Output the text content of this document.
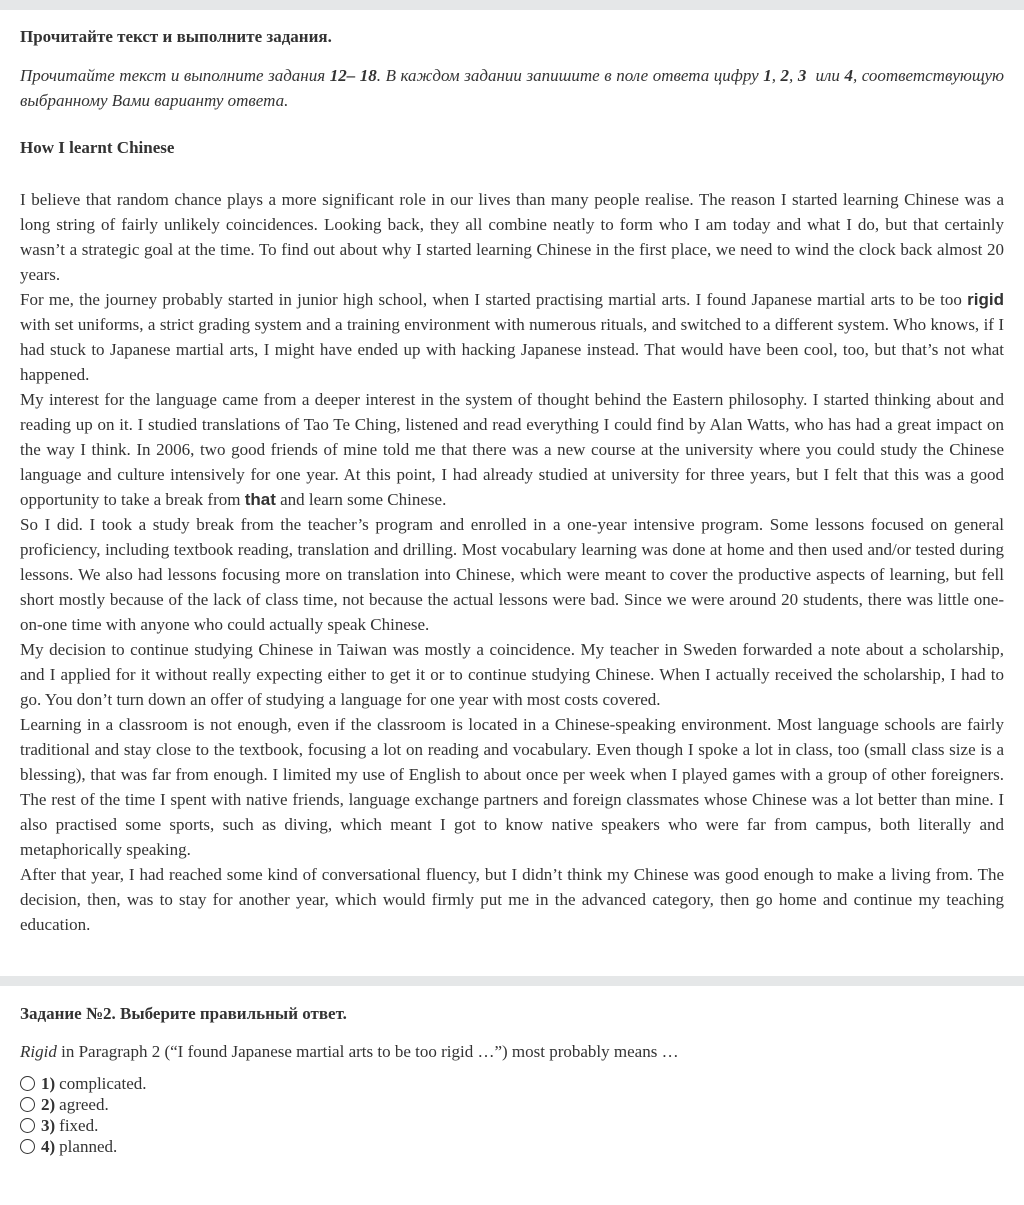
Прочитайте текст и выполните задания.

Прочитайте текст и выполните задания 12– 18. В каждом задании запишите в поле ответа цифру 1, 2, 3  или 4, соответствующую выбранному Вами варианту ответа.

How I learnt Chinese

I believe that random chance plays a more significant role in our lives than many people realise. The reason I started learning Chinese was a long string of fairly unlikely coincidences. Looking back, they all combine neatly to form who I am today and what I do, but that certainly wasn’t a strategic goal at the time. To find out about why I started learning Chinese in the first place, we need to wind the clock back almost 20 years.

For me, the journey probably started in junior high school, when I started practising martial arts. I found Japanese martial arts to be too rigid with set uniforms, a strict grading system and a training environment with numerous rituals, and switched to a different system. Who knows, if I had stuck to Japanese martial arts, I might have ended up with hacking Japanese instead. That would have been cool, too, but that’s not what happened.

My interest for the language came from a deeper interest in the system of thought behind the Eastern philosophy. I started thinking about and reading up on it. I studied translations of Tao Te Ching, listened and read everything I could find by Alan Watts, who has had a great impact on the way I think. In 2006, two good friends of mine told me that there was a new course at the university where you could study the Chinese language and culture intensively for one year. At this point, I had already studied at university for three years, but I felt that this was a good opportunity to take a break from that and learn some Chinese.

So I did. I took a study break from the teacher’s program and enrolled in a one-year intensive program. Some lessons focused on general proficiency, including textbook reading, translation and drilling. Most vocabulary learning was done at home and then used and/or tested during lessons. We also had lessons focusing more on translation into Chinese, which were meant to cover the productive aspects of learning, but fell short mostly because of the lack of class time, not because the actual lessons were bad. Since we were around 20 students, there was little one-on-one time with anyone who could actually speak Chinese.

My decision to continue studying Chinese in Taiwan was mostly a coincidence. My teacher in Sweden forwarded a note about a scholarship, and I applied for it without really expecting either to get it or to continue studying Chinese. When I actually received the scholarship, I had to go. You don’t turn down an offer of studying a language for one year with most costs covered.

Learning in a classroom is not enough, even if the classroom is located in a Chinese-speaking environment. Most language schools are fairly traditional and stay close to the textbook, focusing a lot on reading and vocabulary. Even though I spoke a lot in class, too (small class size is a blessing), that was far from enough. I limited my use of English to about once per week when I played games with a group of other foreigners. The rest of the time I spent with native friends, language exchange partners and foreign classmates whose Chinese was a lot better than mine. I also practised some sports, such as diving, which meant I got to know native speakers who were far from campus, both literally and metaphorically speaking.

After that year, I had reached some kind of conversational fluency, but I didn’t think my Chinese was good enough to make a living from. The decision, then, was to stay for another year, which would firmly put me in the advanced category, then go home and continue my teaching education.

Задание №2. Выберите правильный ответ.

Rigid in Paragraph 2 (“I found Japanese martial arts to be too rigid …”) most probably means …

1) complicated.
2) agreed.
3) fixed.
4) planned.
